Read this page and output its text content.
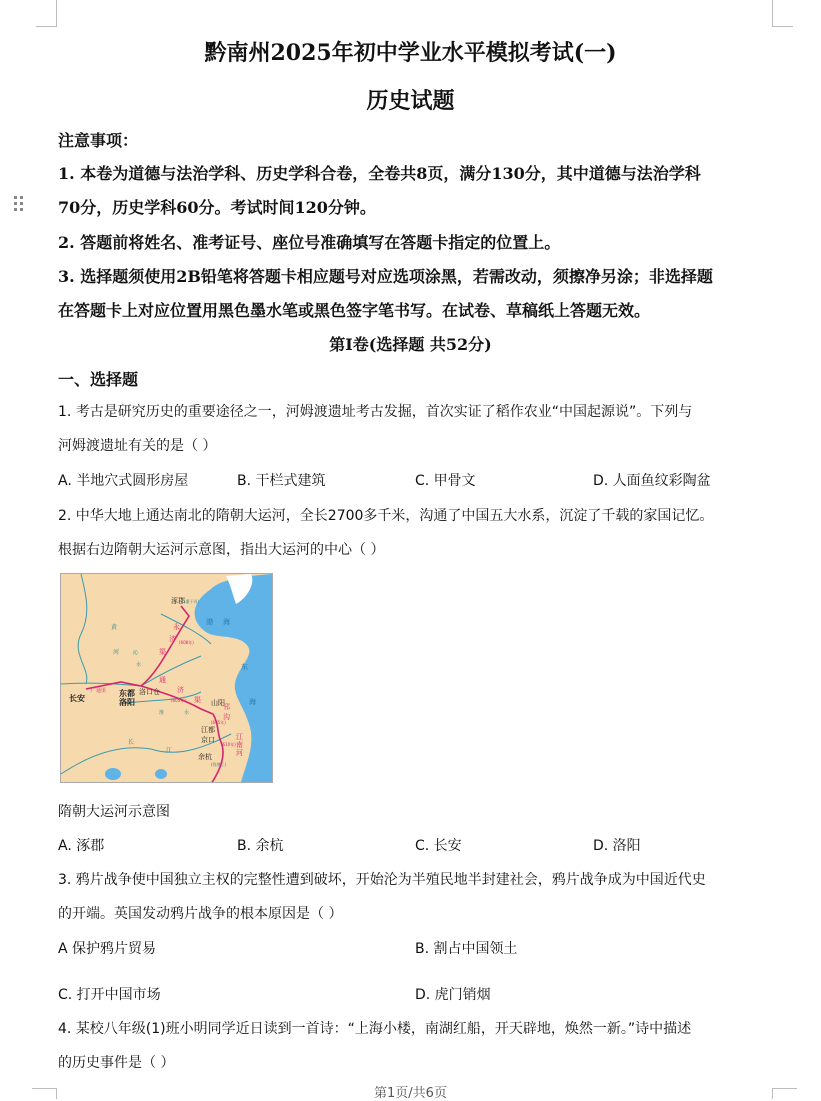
黔南州2025年初中学业水平模拟考试(一)
历史试题
注意事项：
1. 本卷为道德与法治学科、历史学科合卷，全卷共8页，满分130分，其中道德与法治学科
70分，历史学科60分。考试时间120分钟。
2. 答题前将姓名、准考证号、座位号准确填写在答题卡指定的位置上。
3. 选择题须使用2B铅笔将答题卡相应题号对应选项涂黑，若需改动，须擦净另涂；非选择题
在答题卡上对应位置用黑色墨水笔或黑色签字笔书写。在试卷、草稿纸上答题无效。
第Ⅰ卷(选择题 共52分)
一、选择题
1. 考古是研究历史的重要途径之一，河姆渡遗址考古发掘，首次实证了稻作农业“中国起源说”。下列与
河姆渡遗址有关的是（ ）
A. 半地穴式圆形房屋	B. 干栏式建筑	C. 甲骨文	D. 人面鱼纹彩陶盆
2. 中华大地上通达南北的隋朝大运河，全长2700多千米，沟通了中国五大水系，沉淀了千载的家国记忆。
根据右边隋朝大运河示意图，指出大运河的中心（ ）
涿郡
长安
东都
洛阳
洛口仓
山阳
江都
京口
余杭
渤 海
东
海
永
济
渠
通
济
渠
邗
沟
江
南
河
广通渠
(608年)
(605年)
(605年)
(610年)
黄
河	沁
水
淮	水
长
江
(钱塘江)
(桑干河)
隋朝大运河示意图
A. 涿郡	B. 余杭	C. 长安	D. 洛阳
3. 鸦片战争使中国独立主权的完整性遭到破坏，开始沦为半殖民地半封建社会，鸦片战争成为中国近代史
的开端。英国发动鸦片战争的根本原因是（ ）
A 保护鸦片贸易	B. 割占中国领土
C. 打开中国市场	D. 虎门销烟
4. 某校八年级(1)班小明同学近日读到一首诗：“上海小楼，南湖红船，开天辟地，焕然一新。”诗中描述
的历史事件是（ ）
第1页/共6页
